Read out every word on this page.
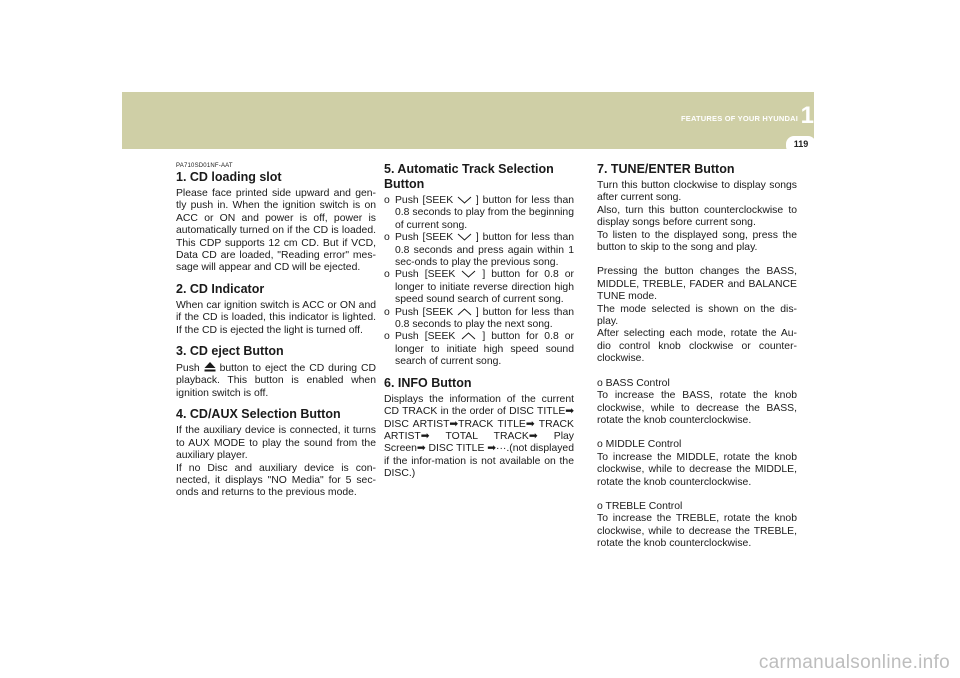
FEATURES OF YOUR HYUNDAI 1
119
PA710SD01NF-AAT
1. CD loading slot

Please face printed side upward and gen-tly push in. When the ignition switch is on ACC or ON and power is off, power is automatically turned on if the CD is loaded. This CDP supports 12 cm CD. But if VCD, Data CD are loaded, "Reading error" mes-sage will appear and CD will be ejected.

2. CD Indicator

When car ignition switch is ACC or ON and if the CD is loaded, this indicator is lighted. If the CD is ejected the light is turned off.

3. CD eject Button

Push button to eject the CD during CD playback. This button is enabled when ignition switch is off.

4. CD/AUX Selection Button

If the auxiliary device is connected, it turns to AUX MODE to play the sound from the auxiliary player.

If no Disc and auxiliary device is con-nected, it displays "NO Media" for 5 sec-onds and returns to the previous mode.

5. Automatic Track Selection Button
o Push [SEEK ] button for less than 0.8 seconds to play from the beginning of current song.
o Push [SEEK ] button for less than 0.8 seconds and press again within 1 sec-onds to play the previous song.
o Push [SEEK	] button for 0.8 or longer to initiate reverse direction high speed sound search of current song.
o Push [SEEK ] button for less than 0.8 seconds to play the next song.
o Push [SEEK	] button for 0.8 or longer to initiate high speed sound search of current song.
6. INFO Button

Displays the information of the current CD TRACK in the order of DISC TITLE➡ DISC ARTIST➡TRACK TITLE➡ TRACK ARTIST➡ TOTAL TRACK➡ Play Screen➡ DISC TITLE ➡···.(not displayed if the infor-mation is not available on the DISC.)

7. TUNE/ENTER Button

Turn this button clockwise to display songs after current song.

Also, turn this button counterclockwise to display songs before current song.

To listen to the displayed song, press the button to skip to the song and play.

Pressing the button changes the BASS, MIDDLE, TREBLE, FADER and BALANCE TUNE mode.

The mode selected is shown on the dis-play.

After selecting each mode, rotate the Au-dio control knob clockwise or counter-clockwise.

o BASS Control

To increase the BASS, rotate the knob clockwise, while to decrease the BASS, rotate the knob counterclockwise.

o MIDDLE Control

To increase the MIDDLE, rotate the knob clockwise, while to decrease the MIDDLE, rotate the knob counterclockwise.

o TREBLE Control

To increase the TREBLE, rotate the knob clockwise, while to decrease the TREBLE, rotate the knob counterclockwise.

carmanualsonline.info
